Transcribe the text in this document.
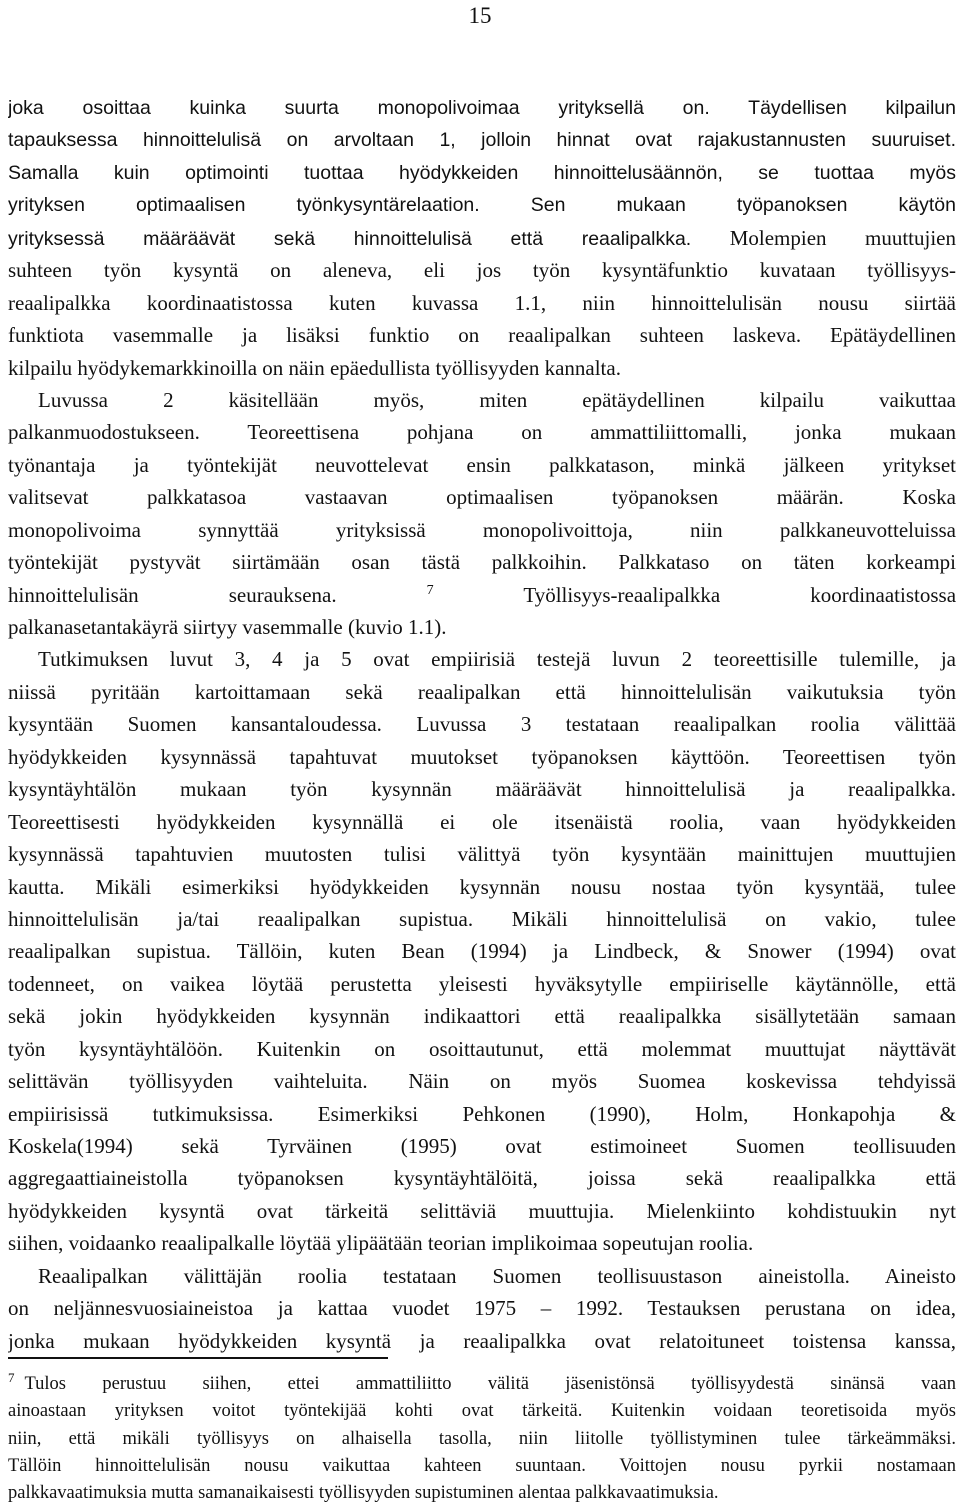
15
joka osoittaa kuinka suurta monopolivoimaa yrityksellä on. Täydellisen kilpailun
tapauksessa hinnoittelulisä on arvoltaan 1, jolloin hinnat ovat rajakustannusten suuruiset.
Samalla kuin optimointi tuottaa hyödykkeiden hinnoittelusäännön, se tuottaa myös
yrityksen optimaalisen työnkysyntärelaation. Sen mukaan työpanoksen käytön
yrityksessä määräävät sekä hinnoittelulisä että reaalipalkka. Molempien muuttujien
suhteen työn kysyntä on aleneva, eli jos työn kysyntäfunktio kuvataan työllisyys-
reaalipalkka koordinaatistossa kuten kuvassa 1.1, niin hinnoittelulisän nousu siirtää
funktiota vasemmalle ja lisäksi funktio on reaalipalkan suhteen laskeva. Epätäydellinen
kilpailu hyödykemarkkinoilla on näin epäedullista työllisyyden kannalta.
Luvussa 2 käsitellään myös, miten epätäydellinen kilpailu vaikuttaa
palkanmuodostukseen. Teoreettisena pohjana on ammattiliittomalli, jonka mukaan
työnantaja ja työntekijät neuvottelevat ensin palkkatason, minkä jälkeen yritykset
valitsevat palkkatasoa vastaavan optimaalisen työpanoksen määrän. Koska
monopolivoima synnyttää yrityksissä monopolivoittoja, niin palkkaneuvotteluissa
työntekijät pystyvät siirtämään osan tästä palkkoihin. Palkkataso on täten korkeampi
hinnoittelulisän seurauksena.	$^7$	Työllisyys-reaalipalkka koordinaatistossa
palkanasetantakäyrä siirtyy vasemmalle (kuvio 1.1).
Tutkimuksen luvut 3, 4 ja 5 ovat empiirisiä testejä luvun 2 teoreettisille tulemille, ja
niissä pyritään kartoittamaan sekä reaalipalkan että hinnoittelulisän vaikutuksia työn
kysyntään Suomen kansantaloudessa. Luvussa 3 testataan reaalipalkan roolia välittää
hyödykkeiden kysynnässä tapahtuvat muutokset työpanoksen käyttöön. Teoreettisen työn
kysyntäyhtälön mukaan työn kysynnän määräävät hinnoittelulisä ja reaalipalkka.
Teoreettisesti hyödykkeiden kysynnällä ei ole itsenäistä roolia, vaan hyödykkeiden
kysynnässä tapahtuvien muutosten tulisi välittyä työn kysyntään mainittujen muuttujien
kautta. Mikäli esimerkiksi hyödykkeiden kysynnän nousu nostaa työn kysyntää, tulee
hinnoittelulisän ja/tai reaalipalkan supistua. Mikäli hinnoittelulisä on vakio, tulee
reaalipalkan supistua. Tällöin, kuten Bean (1994) ja Lindbeck, & Snower (1994) ovat
todenneet, on vaikea löytää perustetta yleisesti hyväksytylle empiiriselle käytännölle, että
sekä jokin hyödykkeiden kysynnän indikaattori että reaalipalkka sisällytetään samaan
työn kysyntäyhtälöön. Kuitenkin on osoittautunut, että molemmat muuttujat näyttävät
selittävän työllisyyden vaihteluita. Näin on myös Suomea koskevissa tehdyissä
empiirisissä tutkimuksissa. Esimerkiksi Pehkonen (1990), Holm, Honkapohja &
Koskela(1994) sekä Tyrväinen (1995) ovat estimoineet Suomen teollisuuden
aggregaattiaineistolla työpanoksen kysyntäyhtälöitä, joissa sekä reaalipalkka että
hyödykkeiden kysyntä ovat tärkeitä selittäviä muuttujia. Mielenkiinto kohdistuukin nyt
siihen, voidaanko reaalipalkalle löytää ylipäätään teorian implikoimaa sopeutujan roolia.
Reaalipalkan välittäjän roolia testataan Suomen teollisuustason aineistolla. Aineisto
on neljännesvuosiaineistoa ja kattaa vuodet 1975 – 1992. Testauksen perustana on idea,
jonka mukaan hyödykkeiden kysyntä ja reaalipalkka ovat relatoituneet toistensa kanssa,
$^7$ Tulos perustuu siihen, ettei ammattiliitto välitä jäsenistönsä työllisyydestä sinänsä vaan
ainoastaan yrityksen voitot työntekijää kohti ovat tärkeitä. Kuitenkin voidaan teoretisoida myös
niin, että mikäli työllisyys on alhaisella tasolla, niin liitolle työllistyminen tulee tärkeämmäksi.
Tällöin hinnoittelulisän nousu vaikuttaa kahteen suuntaan. Voittojen nousu pyrkii nostamaan
palkkavaatimuksia mutta samanaikaisesti työllisyyden supistuminen alentaa palkkavaatimuksia.
